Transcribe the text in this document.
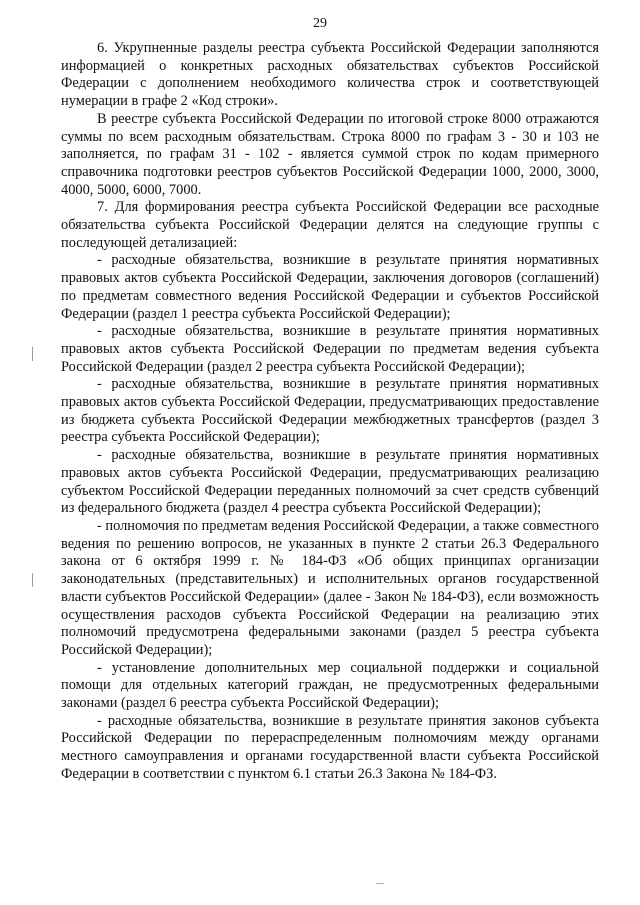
29

6. Укрупненные разделы реестра субъекта Российской Федерации заполняются информацией о конкретных расходных обязательствах субъектов Российской Федерации с дополнением необходимого количества строк и соответствующей нумерации в графе 2 «Код строки».

В реестре субъекта Российской Федерации по итоговой строке 8000 отражаются суммы по всем расходным обязательствам. Строка 8000 по графам 3 - 30 и 103 не заполняется, по графам 31 - 102 - является суммой строк по кодам примерного справочника подготовки реестров субъектов Российской Федерации 1000, 2000, 3000, 4000, 5000, 6000, 7000.

7. Для формирования реестра субъекта Российской Федерации все расходные обязательства субъекта Российской Федерации делятся на следующие группы с последующей детализацией:

- расходные обязательства, возникшие в результате принятия нормативных правовых актов субъекта Российской Федерации, заключения договоров (соглашений) по предметам совместного ведения Российской Федерации и субъектов Российской Федерации (раздел 1 реестра субъекта Российской Федерации);

- расходные обязательства, возникшие в результате принятия нормативных правовых актов субъекта Российской Федерации по предметам ведения субъекта Российской Федерации (раздел 2 реестра субъекта Российской Федерации);

- расходные обязательства, возникшие в результате принятия нормативных правовых актов субъекта Российской Федерации, предусматривающих предоставление из бюджета субъекта Российской Федерации межбюджетных трансфертов (раздел 3 реестра субъекта Российской Федерации);

- расходные обязательства, возникшие в результате принятия нормативных правовых актов субъекта Российской Федерации, предусматривающих реализацию субъектом Российской Федерации переданных полномочий за счет средств субвенций из федерального бюджета (раздел 4 реестра субъекта Российской Федерации);

- полномочия по предметам ведения Российской Федерации, а также совместного ведения по решению вопросов, не указанных в пункте 2 статьи 26.3 Федерального закона от 6 октября 1999 г. № 184-ФЗ «Об общих принципах организации законодательных (представительных) и исполнительных органов государственной власти субъектов Российской Федерации» (далее - Закон № 184-ФЗ), если возможность осуществления расходов субъекта Российской Федерации на реализацию этих полномочий предусмотрена федеральными законами (раздел 5 реестра субъекта Российской Федерации);

- установление дополнительных мер социальной поддержки и социальной помощи для отдельных категорий граждан, не предусмотренных федеральными законами (раздел 6 реестра субъекта Российской Федерации);

- расходные обязательства, возникшие в результате принятия законов субъекта Российской Федерации по перераспределенным полномочиям между органами местного самоуправления и органами государственной власти субъекта Российской Федерации в соответствии с пунктом 6.1 статьи 26.3 Закона № 184-ФЗ.
